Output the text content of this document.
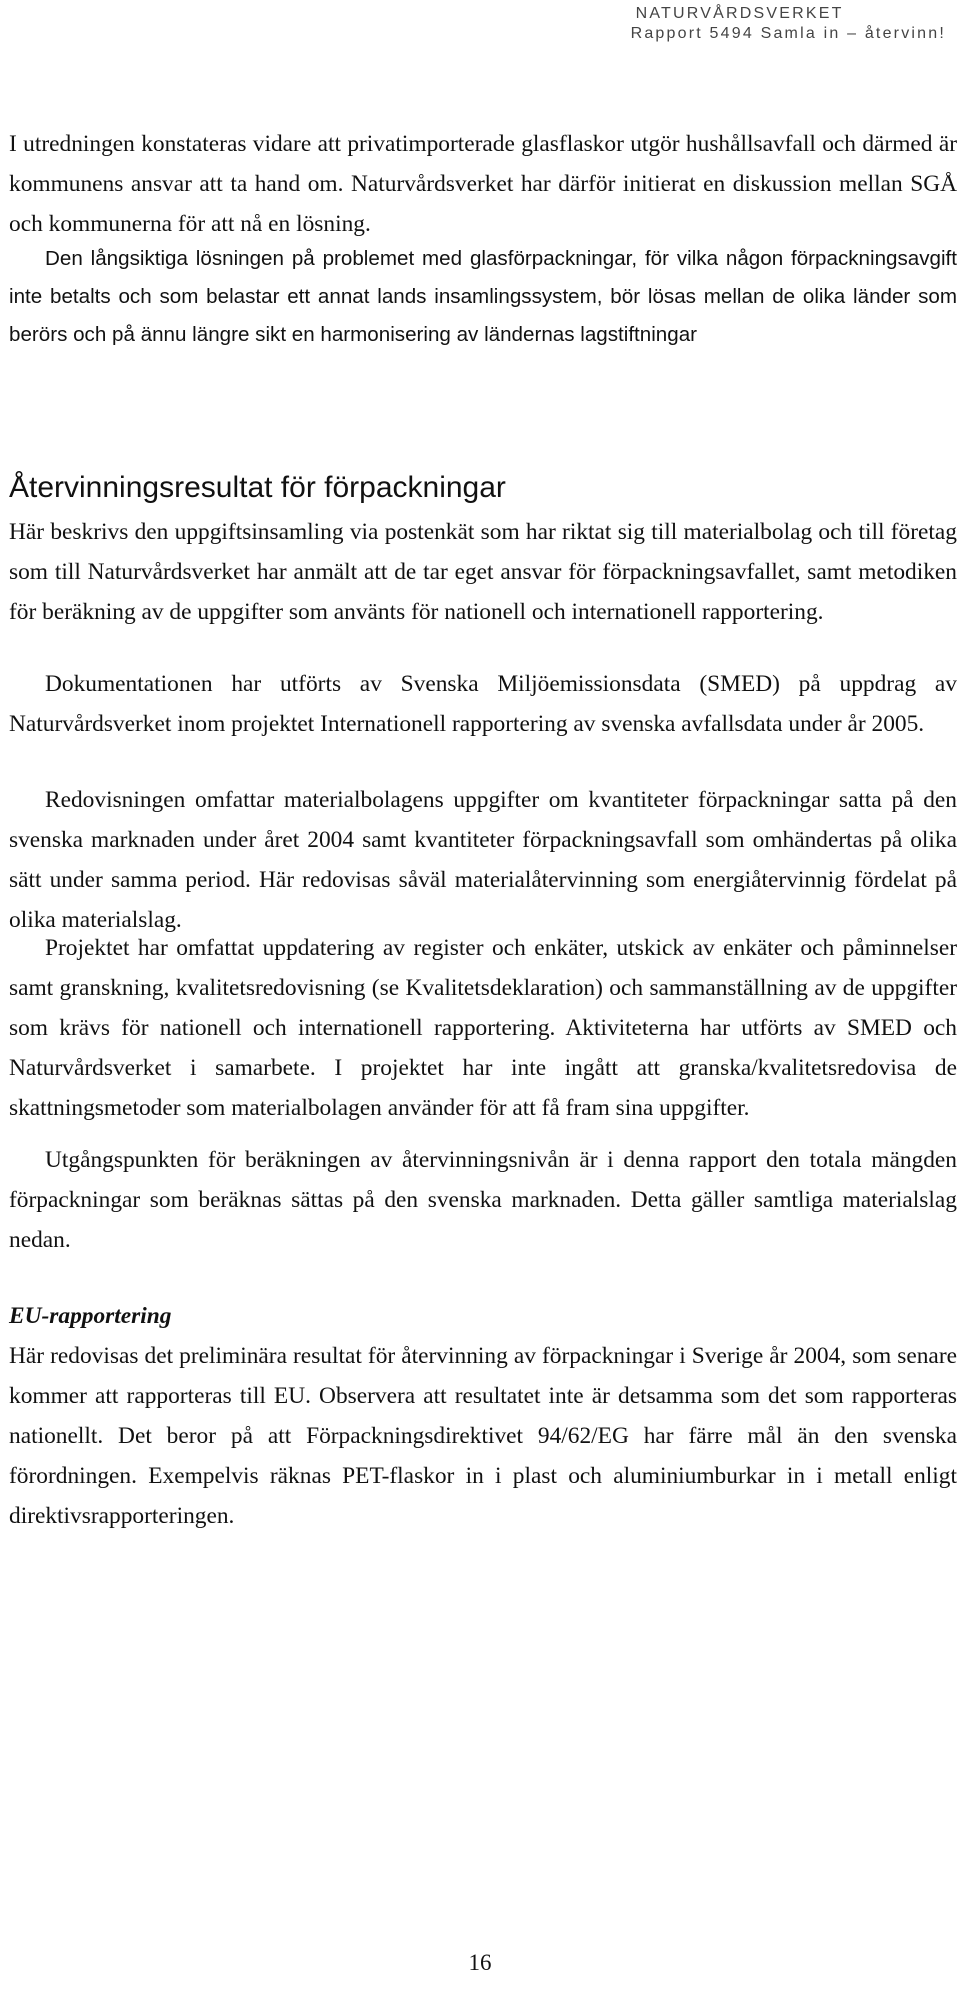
NATURVÅRDSVERKET
Rapport 5494 Samla in – återvinn!

I utredningen konstateras vidare att privatimporterade glasflaskor utgör hushållsavfall och därmed är kommunens ansvar att ta hand om. Naturvårdsverket har därför initierat en diskussion mellan SGÅ och kommunerna för att nå en lösning.

Den långsiktiga lösningen på problemet med glasförpackningar, för vilka någon förpackningsavgift inte betalts och som belastar ett annat lands insamlingssystem, bör lösas mellan de olika länder som berörs och på ännu längre sikt en harmonisering av ländernas lagstiftningar

Återvinningsresultat för förpackningar

Här beskrivs den uppgiftsinsamling via postenkät som har riktat sig till materialbolag och till företag som till Naturvårdsverket har anmält att de tar eget ansvar för förpackningsavfallet, samt metodiken för beräkning av de uppgifter som använts för nationell och internationell rapportering.

Dokumentationen har utförts av Svenska Miljöemissionsdata (SMED) på uppdrag av Naturvårdsverket inom projektet Internationell rapportering av svenska avfallsdata under år 2005.

Redovisningen omfattar materialbolagens uppgifter om kvantiteter förpackningar satta på den svenska marknaden under året 2004 samt kvantiteter förpackningsavfall som omhändertas på olika sätt under samma period. Här redovisas såväl materialåtervinning som energiåtervinnig fördelat på olika materialslag.

Projektet har omfattat uppdatering av register och enkäter, utskick av enkäter och påminnelser samt granskning, kvalitetsredovisning (se Kvalitetsdeklaration) och sammanställning av de uppgifter som krävs för nationell och internationell rapportering. Aktiviteterna har utförts av SMED och Naturvårdsverket i samarbete. I projektet har inte ingått att granska/kvalitetsredovisa de skattningsmetoder som materialbolagen använder för att få fram sina uppgifter.

Utgångspunkten för beräkningen av återvinningsnivån är i denna rapport den totala mängden förpackningar som beräknas sättas på den svenska marknaden. Detta gäller samtliga materialslag nedan.

EU-rapportering

Här redovisas det preliminära resultat för återvinning av förpackningar i Sverige år 2004, som senare kommer att rapporteras till EU. Observera att resultatet inte är detsamma som det som rapporteras nationellt. Det beror på att Förpackningsdirektivet 94/62/EG har färre mål än den svenska förordningen. Exempelvis räknas PET-flaskor in i plast och aluminiumburkar in i metall enligt direktivsrapporteringen.

16
